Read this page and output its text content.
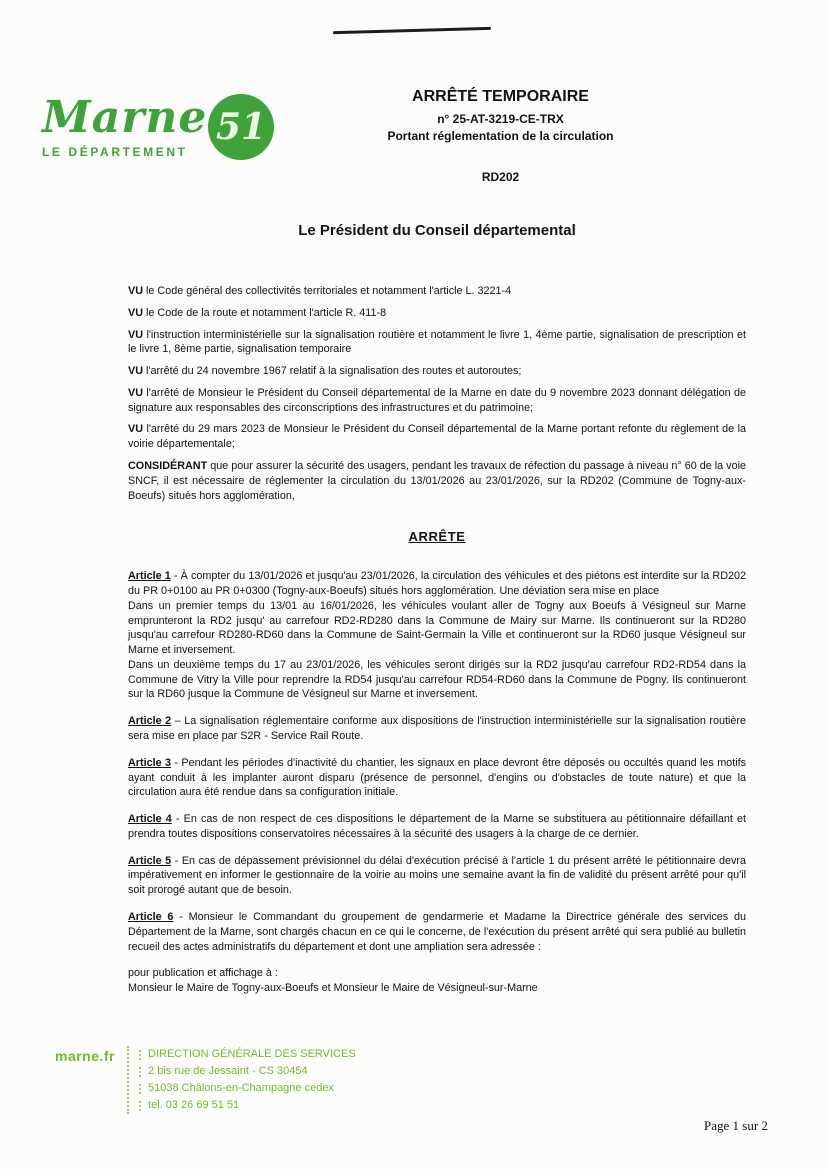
Marne
LE DÉPARTEMENT
51
ARRÊTÉ TEMPORAIRE
n° 25-AT-3219-CE-TRX
Portant réglementation de la circulation
RD202
Le Président du Conseil départemental

VU le Code général des collectivités territoriales et notamment l'article L. 3221-4

VU le Code de la route et notamment l'article R. 411-8

VU l'instruction interministérielle sur la signalisation routière et notamment le livre 1, 4ème partie, signalisation de prescription et le livre 1, 8ème partie, signalisation temporaire

VU l'arrêté du 24 novembre 1967 relatif à la signalisation des routes et autoroutes;

VU l'arrêté de Monsieur le Président du Conseil départemental de la Marne en date du 9 novembre 2023 donnant délégation de signature aux responsables des circonscriptions des infrastructures et du patrimoine;

VU l'arrêté du 29 mars 2023 de Monsieur le Président du Conseil départemental de la Marne portant refonte du règlement de la voirie départementale;

CONSIDÉRANT que pour assurer la sécurité des usagers, pendant les travaux de réfection du passage à niveau n° 60 de la voie SNCF, il est nécessaire de réglementer la circulation du 13/01/2026 au 23/01/2026, sur la RD202 (Commune de Togny-aux-Boeufs) situés hors agglomération,

ARRÊTE

Article 1 - À compter du 13/01/2026 et jusqu'au 23/01/2026, la circulation des véhicules et des piétons est interdite sur la RD202 du PR 0+0100 au PR 0+0300 (Togny-aux-Boeufs) situés hors agglomération. Une déviation sera mise en place

Dans un premier temps du 13/01 au 16/01/2026, les véhicules voulant aller de Togny aux Boeufs à Vésigneul sur Marne emprunteront la RD2 jusqu' au carrefour RD2-RD280 dans la Commune de Mairy sur Marne. Ils continueront sur la RD280 jusqu'au carrefour RD280-RD60 dans la Commune de Saint-Germain la Ville et continueront sur la RD60 jusque Vésigneul sur Marne et inversement.

Dans un deuxième temps du 17 au 23/01/2026, les véhicules seront dirigés sur la RD2 jusqu'au carrefour RD2-RD54 dans la Commune de Vitry la Ville pour reprendre la RD54 jusqu'au carrefour RD54-RD60 dans la Commune de Pogny. Ils continueront sur la RD60 jusque la Commune de Vésigneul sur Marne et inversement.

Article 2 – La signalisation réglementaire conforme aux dispositions de l'instruction interministérielle sur la signalisation routière sera mise en place par S2R - Service Rail Route.

Article 3 - Pendant les périodes d'inactivité du chantier, les signaux en place devront être déposés ou occultés quand les motifs ayant conduit à les implanter auront disparu (présence de personnel, d'engins ou d'obstacles de toute nature) et que la circulation aura été rendue dans sa configuration initiale.

Article 4 - En cas de non respect de ces dispositions le département de la Marne se substituera au pétitionnaire défaillant et prendra toutes dispositions conservatoires nécessaires à la sécurité des usagers à la charge de ce dernier.

Article 5 - En cas de dépassement prévisionnel du délai d'exécution précisé à l'article 1 du présent arrêté le pétitionnaire devra impérativement en informer le gestionnaire de la voirie au moins une semaine avant la fin de validité du présent arrêté pour qu'il soit prorogé autant que de besoin.

Article 6 - Monsieur le Commandant du groupement de gendarmerie et Madame la Directrice générale des services du Département de la Marne, sont chargés chacun en ce qui le concerne, de l'exécution du présent arrêté qui sera publié au bulletin recueil des actes administratifs du département et dont une ampliation sera adressée :

pour publication et affichage à :

Monsieur le Maire de Togny-aux-Boeufs et Monsieur le Maire de Vésigneul-sur-Marne

marne.fr	DIRECTION GÉNÉRALE DES SERVICES
2 bis rue de Jessaint - CS 30454
51038 Châlons-en-Champagne cedex
tel. 03 26 69 51 51
Page 1 sur 2
